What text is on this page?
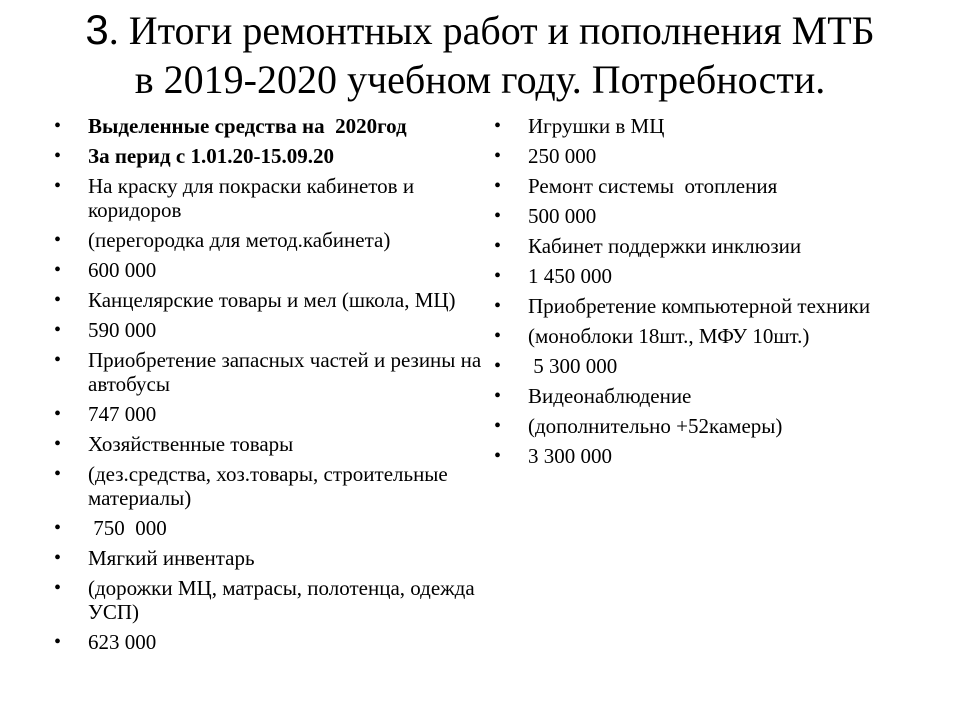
3. Итоги ремонтных работ и пополнения МТБ
в 2019-2020 учебном году. Потребности.
• Выделенные средства на  2020год
• За перид с 1.01.20-15.09.20
• На краску для покраски кабинетов и коридоров
• (перегородка для метод.кабинета)
• 600 000
• Канцелярские товары и мел (школа, МЦ)
• 590 000
• Приобретение запасных частей и резины на автобусы
• 747 000
• Хозяйственные товары
• (дез.средства, хоз.товары, строительные материалы)
• 750  000
• Мягкий инвентарь
• (дорожки МЦ, матрасы, полотенца, одежда УСП)
• 623 000
• Игрушки в МЦ
• 250 000
• Ремонт системы  отопления
• 500 000
• Кабинет поддержки инклюзии
• 1 450 000
• Приобретение компьютерной техники
• (моноблоки 18шт., МФУ 10шт.)
• 5 300 000
• Видеонаблюдение
• (дополнительно +52камеры)
• 3 300 000
